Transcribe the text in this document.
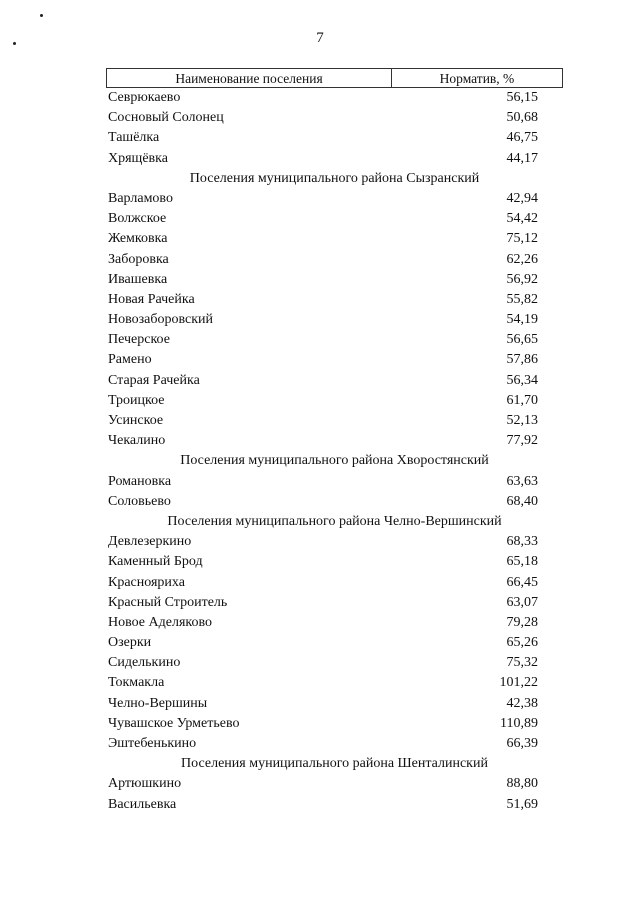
7
Наименование поселения	Норматив, %
Севрюкаево	56,15
Сосновый Солонец	50,68
Ташёлка	46,75
Хрящёвка	44,17
Поселения муниципального района Сызранский
Варламово	42,94
Волжское	54,42
Жемковка	75,12
Заборовка	62,26
Ивашевка	56,92
Новая Рачейка	55,82
Новозаборовский	54,19
Печерское	56,65
Рамено	57,86
Старая Рачейка	56,34
Троицкое	61,70
Усинское	52,13
Чекалино	77,92
Поселения муниципального района Хворостянский
Романовка	63,63
Соловьево	68,40
Поселения муниципального района Челно-Вершинский
Девлезеркино	68,33
Каменный Брод	65,18
Краснояриха	66,45
Красный Строитель	63,07
Новое Аделяково	79,28
Озерки	65,26
Сиделькино	75,32
Токмакла	101,22
Челно-Вершины	42,38
Чувашское Урметьево	110,89
Эштебенькино	66,39
Поселения муниципального района Шенталинский
Артюшкино	88,80
Васильевка	51,69
